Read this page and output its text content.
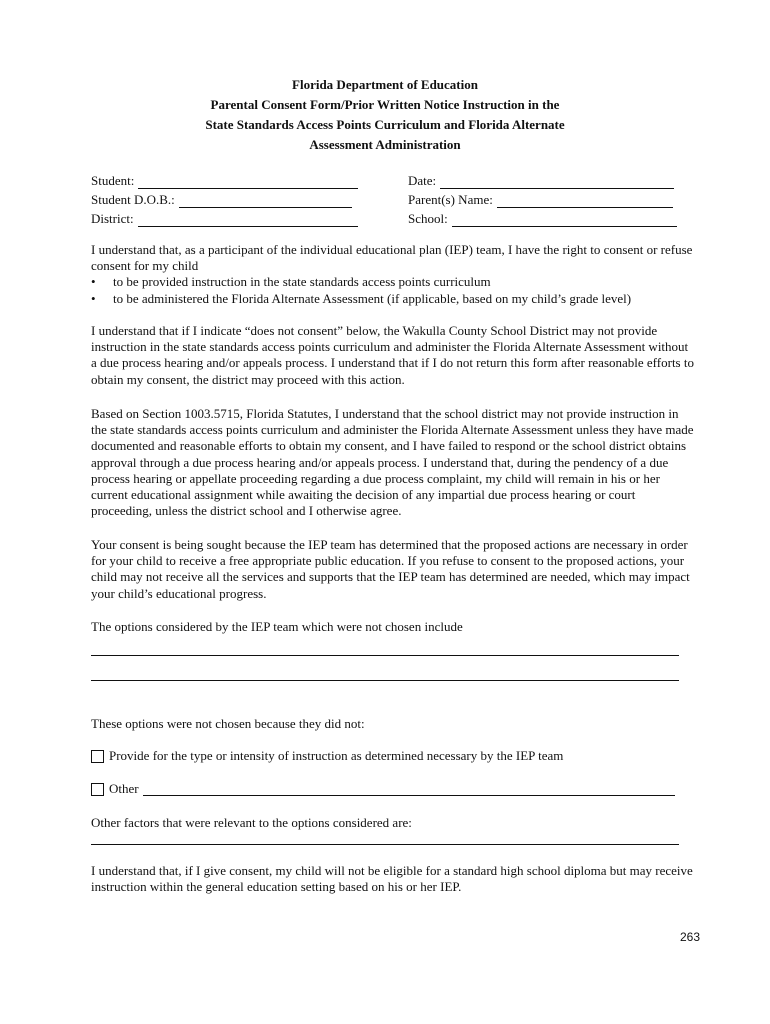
Florida Department of Education
Parental Consent Form/Prior Written Notice Instruction in the
State Standards Access Points Curriculum and Florida Alternate
Assessment Administration
Student:	Date:
Student D.O.B.:	Parent(s) Name:
District:	School:

I understand that, as a participant of the individual educational plan (IEP) team, I have the right to consent or refuse consent for my child

•	to be provided instruction in the state standards access points curriculum
•	to be administered the Florida Alternate Assessment (if applicable, based on my child’s grade level)

I understand that if I indicate “does not consent” below, the Wakulla County School District may not provide instruction in the state standards access points curriculum and administer the Florida Alternate Assessment without a due process hearing and/or appeals process. I understand that if I do not return this form after reasonable efforts to obtain my consent, the district may proceed with this action.

Based on Section 1003.5715, Florida Statutes, I understand that the school district may not provide instruction in the state standards access points curriculum and administer the Florida Alternate Assessment unless they have made documented and reasonable efforts to obtain my consent, and I have failed to respond or the school district obtains approval through a due process hearing and/or appeals process. I understand that, during the pendency of a due process hearing or appellate proceeding regarding a due process complaint, my child will remain in his or her current educational assignment while awaiting the decision of any impartial due process hearing or court proceeding, unless the district school and I otherwise agree.

Your consent is being sought because the IEP team has determined that the proposed actions are necessary in order for your child to receive a free appropriate public education. If you refuse to consent to the proposed actions, your child may not receive all the services and supports that the IEP team has determined are needed, which may impact your child’s educational progress.

The options considered by the IEP team which were not chosen include
These options were not chosen because they did not:
Provide for the type or intensity of instruction as determined necessary by the IEP team
Other
Other factors that were relevant to the options considered are:

I understand that, if I give consent, my child will not be eligible for a standard high school diploma but may receive instruction within the general education setting based on his or her IEP.

263
